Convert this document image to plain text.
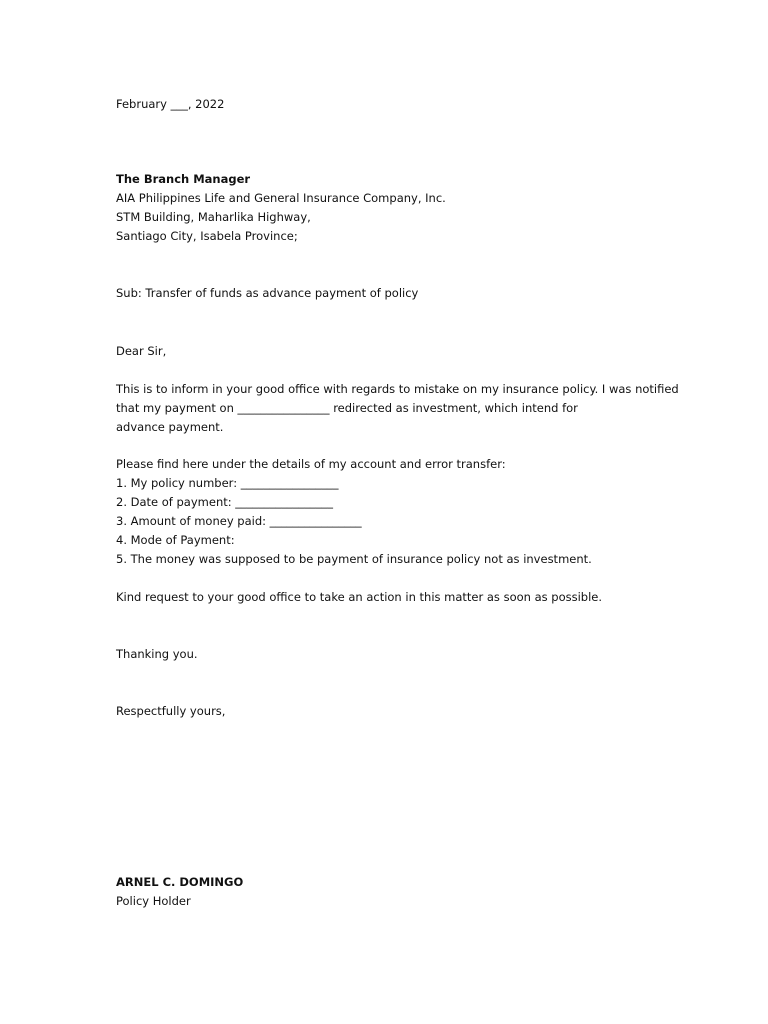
February ___, 2022
The Branch Manager
AIA Philippines Life and General Insurance Company, Inc.
STM Building, Maharlika Highway,
Santiago City, Isabela Province;
Sub: Transfer of funds as advance payment of policy
Dear Sir,
This is to inform in your good office with regards to mistake on my insurance policy. I was notified
that my payment on ________________ redirected as investment, which intend for
advance payment.
Please find here under the details of my account and error transfer:
1. My policy number: _________________
2. Date of payment: _________________
3. Amount of money paid: ________________
4. Mode of Payment:
5. The money was supposed to be payment of insurance policy not as investment.
Kind request to your good office to take an action in this matter as soon as possible.
Thanking you.
Respectfully yours,
ARNEL C. DOMINGO
Policy Holder
